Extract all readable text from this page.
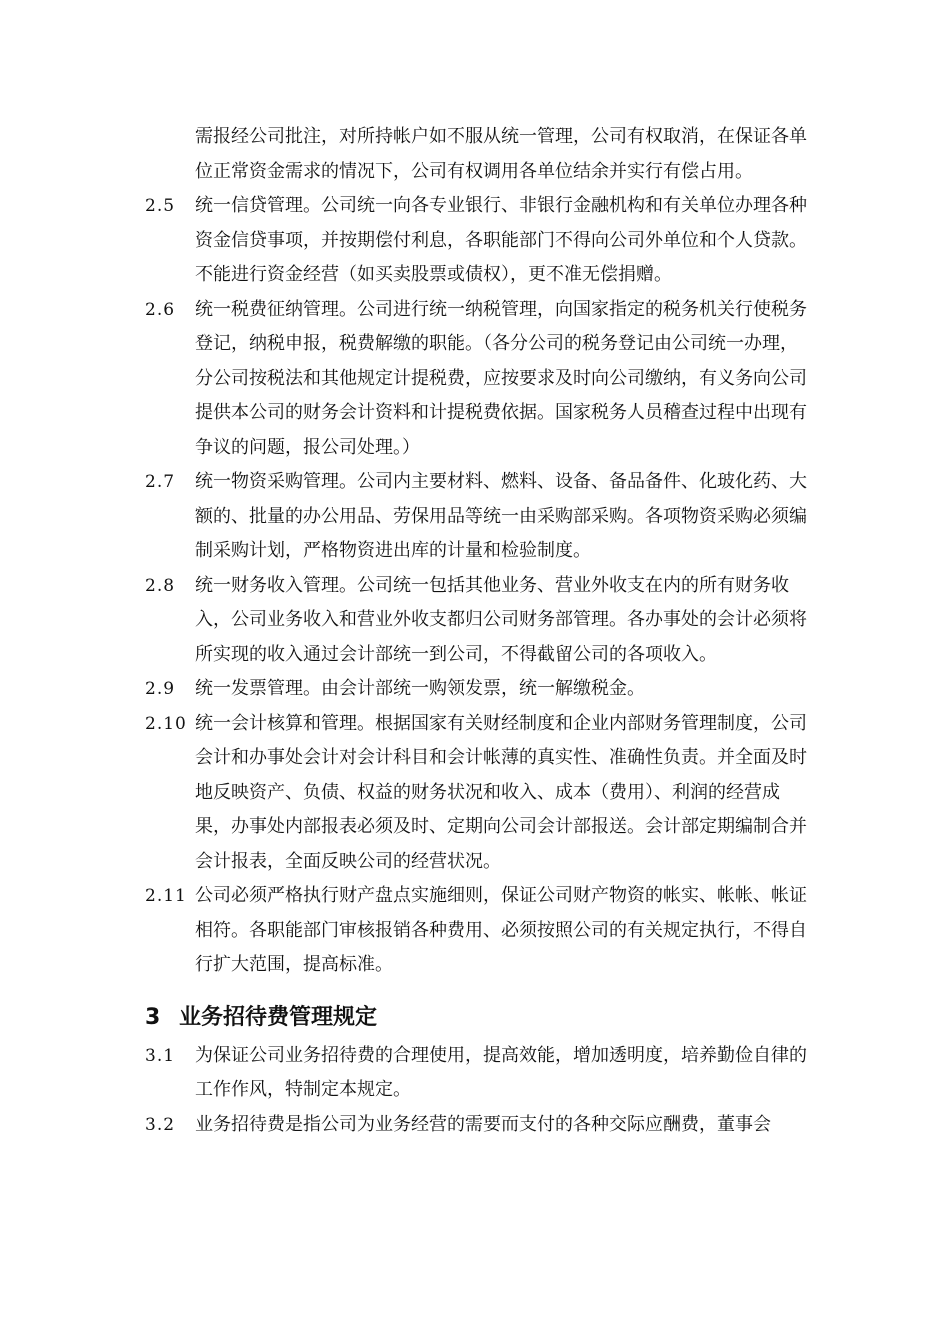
需报经公司批注，对所持帐户如不服从统一管理，公司有权取消，在保证各单位正常资金需求的情况下，公司有权调用各单位结余并实行有偿占用。
2.5	统一信贷管理。公司统一向各专业银行、非银行金融机构和有关单位办理各种资金信贷事项，并按期偿付利息，各职能部门不得向公司外单位和个人贷款。不能进行资金经营（如买卖股票或债权），更不准无偿捐赠。
2.6	统一税费征纳管理。公司进行统一纳税管理，向国家指定的税务机关行使税务登记，纳税申报，税费解缴的职能。（各分公司的税务登记由公司统一办理，分公司按税法和其他规定计提税费，应按要求及时向公司缴纳，有义务向公司提供本公司的财务会计资料和计提税费依据。国家税务人员稽查过程中出现有争议的问题，报公司处理。）
2.7	统一物资采购管理。公司内主要材料、燃料、设备、备品备件、化玻化药、大额的、批量的办公用品、劳保用品等统一由采购部采购。各项物资采购必须编制采购计划，严格物资进出库的计量和检验制度。
2.8	统一财务收入管理。公司统一包括其他业务、营业外收支在内的所有财务收入，公司业务收入和营业外收支都归公司财务部管理。各办事处的会计必须将所实现的收入通过会计部统一到公司，不得截留公司的各项收入。
2.9	统一发票管理。由会计部统一购领发票，统一解缴税金。
2.10 统一会计核算和管理。根据国家有关财经制度和企业内部财务管理制度，公司会计和办事处会计对会计科目和会计帐薄的真实性、准确性负责。并全面及时地反映资产、负债、权益的财务状况和收入、成本（费用）、利润的经营成果，办事处内部报表必须及时、定期向公司会计部报送。会计部定期编制合并会计报表，全面反映公司的经营状况。
2.11 公司必须严格执行财产盘点实施细则，保证公司财产物资的帐实、帐帐、帐证相符。各职能部门审核报销各种费用、必须按照公司的有关规定执行，不得自行扩大范围，提高标准。
3 业务招待费管理规定
3.1	为保证公司业务招待费的合理使用，提高效能，增加透明度，培养勤俭自律的工作作风，特制定本规定。
3.2	业务招待费是指公司为业务经营的需要而支付的各种交际应酬费，董事会
